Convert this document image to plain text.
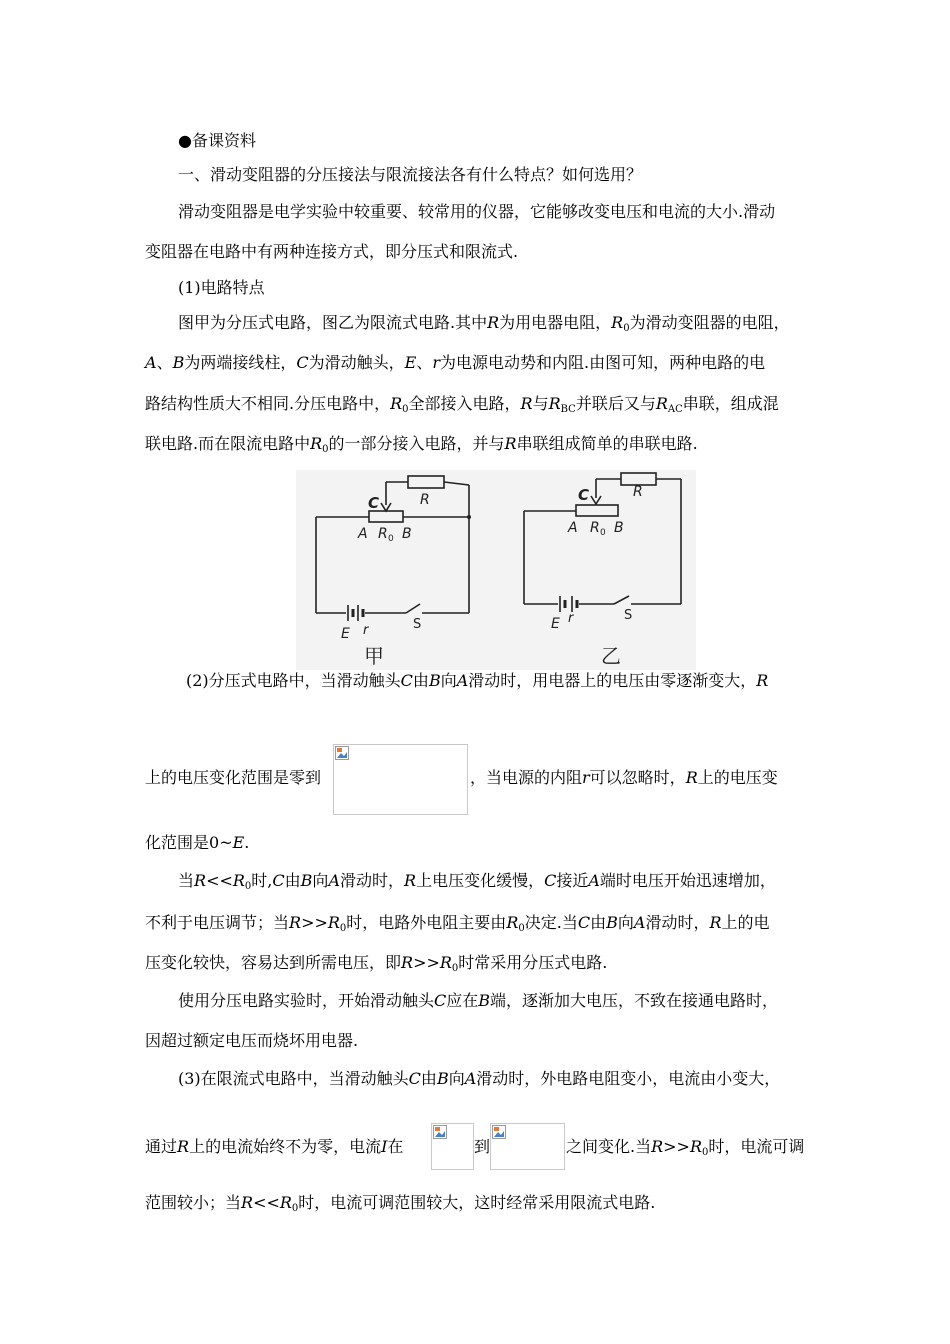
●备课资料
一、滑动变阻器的分压接法与限流接法各有什么特点？如何选用？
滑动变阻器是电学实验中较重要、较常用的仪器，它能够改变电压和电流的大小.滑动
变阻器在电路中有两种连接方式，即分压式和限流式.
(1)电路特点
图甲为分压式电路，图乙为限流式电路.其中R为用电器电阻，$R_0$为滑动变阻器的电阻，
A、B为两端接线柱，C为滑动触头，E、r为电源电动势和内阻.由图可知，两种电路的电
路结构性质大不相同.分压电路中，$R_0$全部接入电路，R与$R_{BC}$并联后又与$R_{AC}$串联，组成混
联电路.而在限流电路中$R_0$的一部分接入电路，并与R串联组成简单的串联电路.
C	R
A R 0 B
E r	S
C	R
A R 0 B
E r	S
甲	乙
(2)分压式电路中，当滑动触头C由B向A滑动时，用电器上的电压由零逐渐变大，R
上的电压变化范围是零到	，当电源的内阻r可以忽略时，R上的电压变
化范围是0~E.
当$R<<R_0$时,C由B向A滑动时，R上电压变化缓慢，C接近A端时电压开始迅速增加，
不利于电压调节；当$R>>R_0$时，电路外电阻主要由$R_0$决定.当C由B向A滑动时，R上的电
压变化较快，容易达到所需电压，即$R>>R_0$时常采用分压式电路.
使用分压电路实验时，开始滑动触头C应在B端，逐渐加大电压，不致在接通电路时，
因超过额定电压而烧坏用电器.
(3)在限流式电路中，当滑动触头C由B向A滑动时，外电路电阻变小，电流由小变大，
通过R上的电流始终不为零，电流I在	到	之间变化.当$R>>R_0$时，电流可调
范围较小；当$R<<R_0$时，电流可调范围较大，这时经常采用限流式电路.
